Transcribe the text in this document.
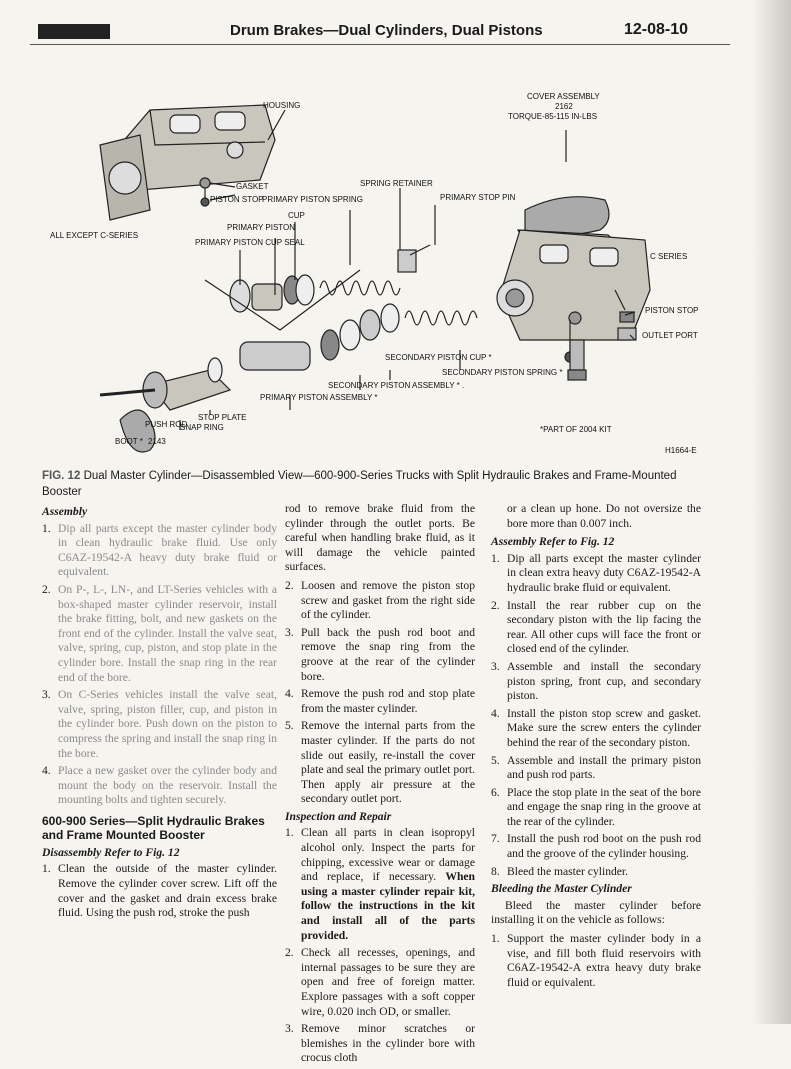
12-08-10	Drum Brakes—Dual Cylinders, Dual Pistons	12-08-10
HOUSING
COVER ASSEMBLY
2162
TORQUE-85-115 IN-LBS
GASKET
PISTON STOP
SPRING RETAINER
PRIMARY PISTON SPRING	PRIMARY STOP PIN
CUP
PRIMARY PISTON
ALL EXCEPT C-SERIES
PRIMARY PISTON CUP SEAL
C SERIES
PISTON STOP
OUTLET PORT
SECONDARY PISTON CUP *
SECONDARY PISTON SPRING *
SECONDARY PISTON ASSEMBLY * .
PRIMARY PISTON ASSEMBLY *
STOP PLATE
SNAP RING
PUSH ROD
2143
BOOT *
*PART OF 2004 KIT
H1664-E
FIG. 12 Dual Master Cylinder—Disassembled View—600-900-Series Trucks with Split Hydraulic Brakes and Frame-Mounted Booster
Assembly
1. Dip all parts except the master cylinder body in clean hydraulic brake fluid. Use only C6AZ-19542-A heavy duty brake fluid or equivalent.
2. On P-, L-, LN-, and LT-Series vehicles with a box-shaped master cylinder reservoir, install the brake fitting, bolt, and new gaskets on the front end of the cylinder. Install the valve seat, valve, spring, cup, piston, and stop plate in the cylinder bore. Install the snap ring in the rear end of the bore.
3. On C-Series vehicles install the valve seat, valve, spring, piston filler, cup, and piston in the cylinder bore. Push down on the piston to compress the spring and install the snap ring in the bore.
4. Place a new gasket over the cylinder body and mount the body on the reservoir. Install the mounting bolts and tighten securely.
600-900 Series—Split Hydraulic Brakes and Frame Mounted Booster
Disassembly Refer to Fig. 12
1. Clean the outside of the master cylinder. Remove the cylinder cover screw. Lift off the cover and the gasket and drain excess brake fluid. Using the push rod, stroke the push

rod to remove brake fluid from the cylinder through the outlet ports. Be careful when handling brake fluid, as it will damage the vehicle painted surfaces.

2. Loosen and remove the piston stop screw and gasket from the right side of the cylinder.
3. Pull back the push rod boot and remove the snap ring from the groove at the rear of the cylinder bore.
4. Remove the push rod and stop plate from the master cylinder.
5. Remove the internal parts from the master cylinder. If the parts do not slide out easily, re-install the cover plate and seal the primary outlet port. Then apply air pressure at the secondary outlet port.
Inspection and Repair
1. Clean all parts in clean isopropyl alcohol only. Inspect the parts for chipping, excessive wear or damage and replace, if necessary. When using a master cylinder repair kit, follow the instructions in the kit and install all of the parts provided.
2. Check all recesses, openings, and internal passages to be sure they are open and free of foreign matter. Explore passages with a soft copper wire, 0.020 inch OD, or smaller.
3. Remove minor scratches or blemishes in the cylinder bore with crocus cloth

or a clean up hone. Do not oversize the bore more than 0.007 inch.

Assembly Refer to Fig. 12
1. Dip all parts except the master cylinder in clean extra heavy duty C6AZ-19542-A hydraulic brake fluid or equivalent.
2. Install the rear rubber cup on the secondary piston with the lip facing the rear. All other cups will face the front or closed end of the cylinder.
3. Assemble and install the secondary piston spring, front cup, and secondary piston.
4. Install the piston stop screw and gasket. Make sure the screw enters the cylinder behind the rear of the secondary piston.
5. Assemble and install the primary piston and push rod parts.
6. Place the stop plate in the seat of the bore and engage the snap ring in the groove at the rear of the cylinder.
7. Install the push rod boot on the push rod and the groove of the cylinder housing.
8. Bleed the master cylinder.
Bleeding the Master Cylinder

Bleed the master cylinder before installing it on the vehicle as follows:

1. Support the master cylinder body in a vise, and fill both fluid reservoirs with C6AZ-19542-A extra heavy duty brake fluid or equivalent.
